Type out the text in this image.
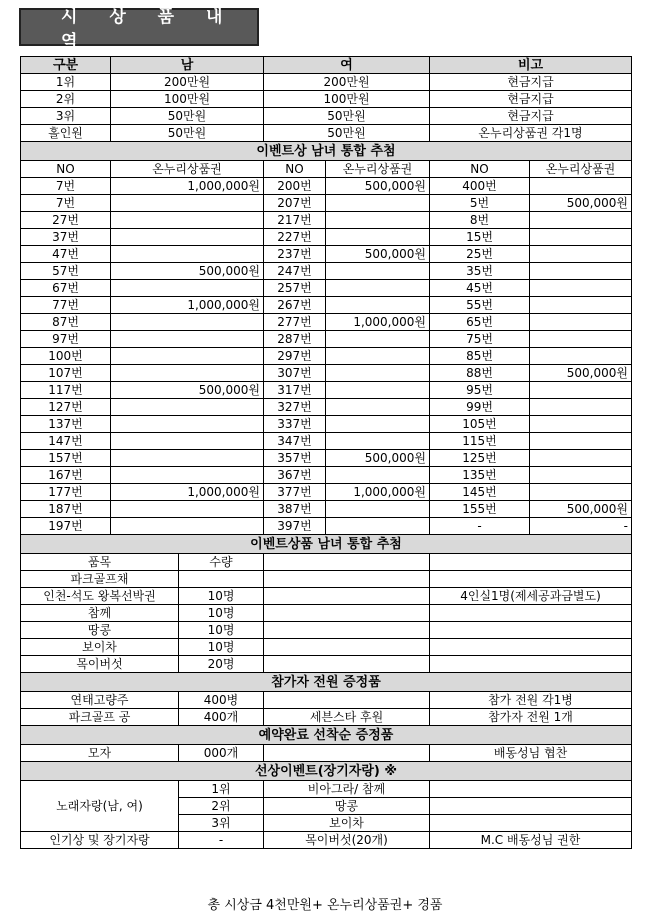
시 상 품 내 역
구분	남		여		비고	
1위	200만원		200만원		현금지급	
2위	100만원		100만원		현금지급	
3위	50만원		50만원		현금지급	
홀인원	50만원		50만원		온누리상품권 각1명	
이벤트상 남녀 통합 추첨						
NO	온누리상품권		NO	온누리상품권	NO	온누리상품권
7번	1,000,000원		200번	500,000원	400번	
7번			207번		5번	500,000원
27번			217번		8번	
37번			227번		15번	
47번			237번	500,000원	25번	
57번	500,000원		247번		35번	
67번			257번		45번	
77번	1,000,000원		267번		55번	
87번			277번	1,000,000원	65번	
97번			287번		75번	
100번			297번		85번	
107번			307번		88번	500,000원
117번	500,000원		317번		95번	
127번			327번		99번	
137번			337번		105번	
147번			347번		115번	
157번			357번	500,000원	125번	
167번			367번		135번	
177번	1,000,000원		377번	1,000,000원	145번	
187번			387번		155번	500,000원
197번			397번		-	-
이벤트상품 남녀 통합 추첨						
품목		수량				
파크골프채						
인천-석도 왕복선박권		10명			4인실1명(제세공과금별도)	
참께		10명				
땅콩		10명				
보이차		10명				
목이버섯		20명				
참가자 전원 증정품						
연태고량주		400병			참가 전원 각1병	
파크골프 공		400개	세븐스타 후원		참가자 전원 1개	
예약완료 선착순 증정품						
모자		000개			배동성님 협찬	
선상이벤트(장기자랑) ※						
노래자랑(남, 여)		1위	비아그라/ 참께			
		2위	땅콩			
		3위	보이차			
인기상 및 장기자랑		-	목이버섯(20개)		M.C 배동성님 권한	
총 시상금 4천만원+ 온누리상품권+ 경품
